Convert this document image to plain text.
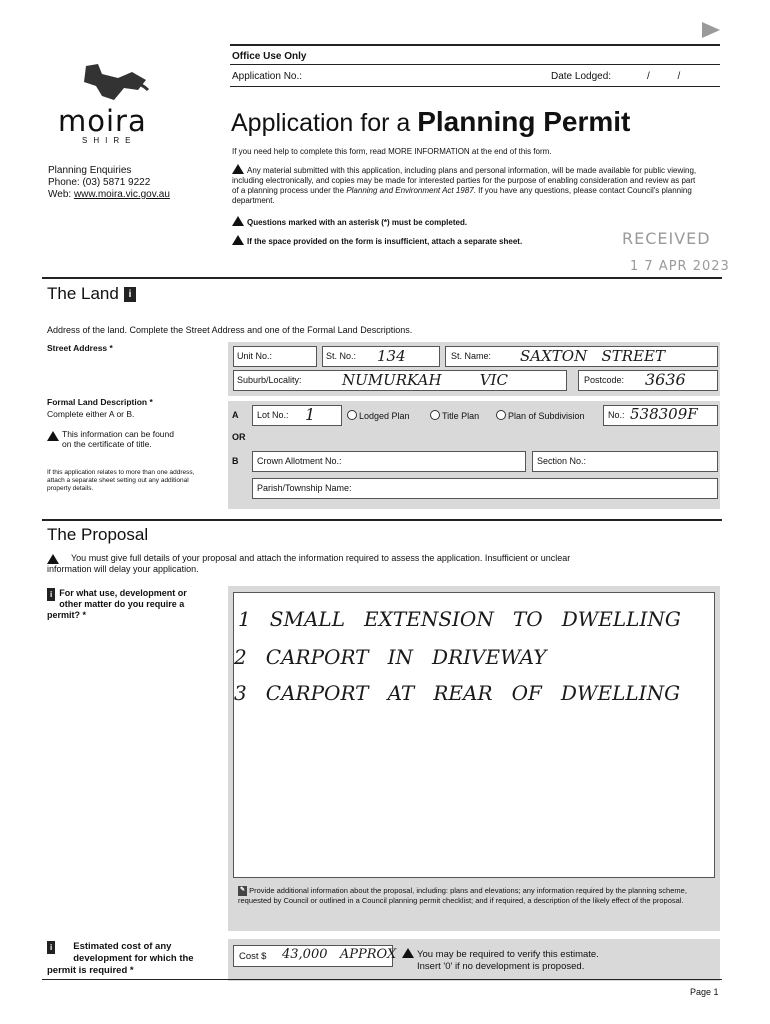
Office Use Only
Application No.:	Date Lodged:	/          /
moira
SHIRE
Planning Enquiries
Phone: (03) 5871 9222
Web: www.moira.vic.gov.au
Application for a Planning Permit
If you need help to complete this form, read MORE INFORMATION at the end of this form.
Any material submitted with this application, including plans and personal information, will be made available for public viewing, including electronically, and copies may be made for interested parties for the purpose of enabling consideration and review as part of a planning process under the Planning and Environment Act 1987. If you have any questions, please contact Council's planning department.
Questions marked with an asterisk (*) must be completed.
If the space provided on the form is insufficient, attach a separate sheet.	RECEIVED
1 7 APR 2023
The Land i
Address of the land. Complete the Street Address and one of the Formal Land Descriptions.
Street Address *
Unit No.:	St. No.: 134	St. Name: SAXTON   STREET
Suburb/Locality:	NUMURKAH        VIC	Postcode: 3636
Formal Land Description *
Complete either A or B.
This information can be found on the certificate of title.
If this application relates to more than one address, attach a separate sheet setting out any additional property details.
A Lot No.: 1	Lodged Plan	Title Plan	Plan of Subdivision	No.: 538309F
OR
B Crown Allotment No.:	Section No.:
Parish/Township Name:
The Proposal
You must give full details of your proposal and attach the information required to assess the application. Insufficient or unclear information will delay your application.
i For what use, development or other matter do you require a permit? *	1   SMALL   EXTENSION   TO   DWELLING
2   CARPORT   IN   DRIVEWAY
3   CARPORT   AT   REAR   OF   DWELLING
✎ Provide additional information about the proposal, including: plans and elevations; any information required by the planning scheme, requested by Council or outlined in a Council planning permit checklist; and if required, a description of the likely effect of the proposal.
i	Estimated cost of any development for which the permit is required *
Cost $ 43,000   APPROX	You may be required to verify this estimate.
Insert '0' if no development is proposed.
Page 1
